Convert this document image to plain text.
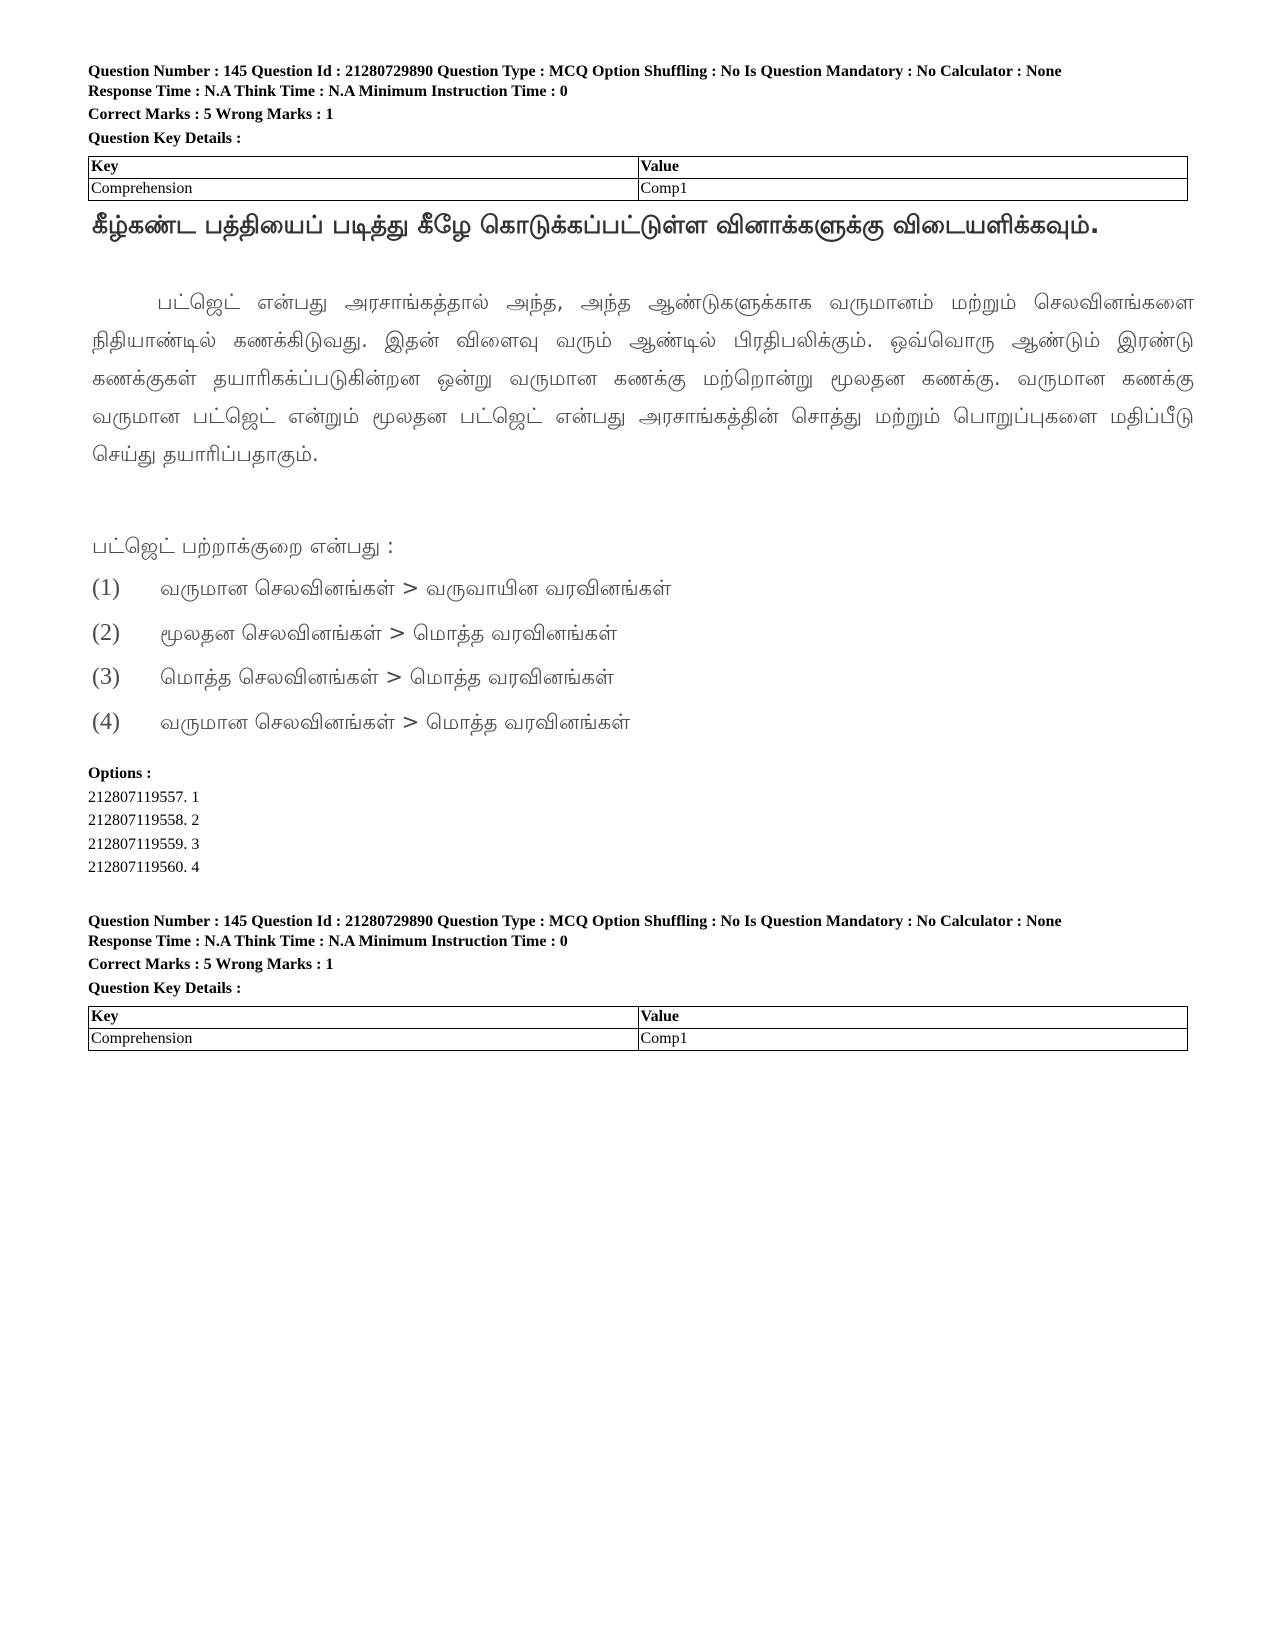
Question Number : 145 Question Id : 21280729890 Question Type : MCQ Option Shuffling : No Is Question Mandatory : No Calculator : None
Response Time : N.A Think Time : N.A Minimum Instruction Time : 0
Correct Marks : 5 Wrong Marks : 1
Question Key Details :
Key	Value
Comprehension	Comp1
கீழ்கண்ட பத்தியைப் படித்து கீழே கொடுக்கப்பட்டுள்ள வினாக்களுக்கு விடையளிக்கவும்.
பட்ஜெட் என்பது அரசாங்கத்தால் அந்த, அந்த ஆண்டுகளுக்காக வருமானம் மற்றும் செலவினங்களை நிதியாண்டில் கணக்கிடுவது. இதன் விளைவு வரும் ஆண்டில் பிரதிபலிக்கும். ஒவ்வொரு ஆண்டும் இரண்டு கணக்குகள் தயாரிகக்ப்படுகின்றன ஒன்று வருமான கணக்கு மற்றொன்று மூலதன கணக்கு. வருமான கணக்கு வருமான பட்ஜெட் என்றும் மூலதன பட்ஜெட் என்பது அரசாங்கத்தின் சொத்து மற்றும் பொறுப்புகளை மதிப்பீடு செய்து தயாரிப்பதாகும்.
பட்ஜெட் பற்றாக்குறை என்பது :
(1) வருமான செலவினங்கள் > வருவாயின வரவினங்கள்
(2) மூலதன செலவினங்கள் > மொத்த வரவினங்கள்
(3) மொத்த செலவினங்கள் > மொத்த வரவினங்கள்
(4) வருமான செலவினங்கள் > மொத்த வரவினங்கள்
Options :
212807119557. 1
212807119558. 2
212807119559. 3
212807119560. 4
Question Number : 145 Question Id : 21280729890 Question Type : MCQ Option Shuffling : No Is Question Mandatory : No Calculator : None
Response Time : N.A Think Time : N.A Minimum Instruction Time : 0
Correct Marks : 5 Wrong Marks : 1
Question Key Details :
Key	Value
Comprehension	Comp1
